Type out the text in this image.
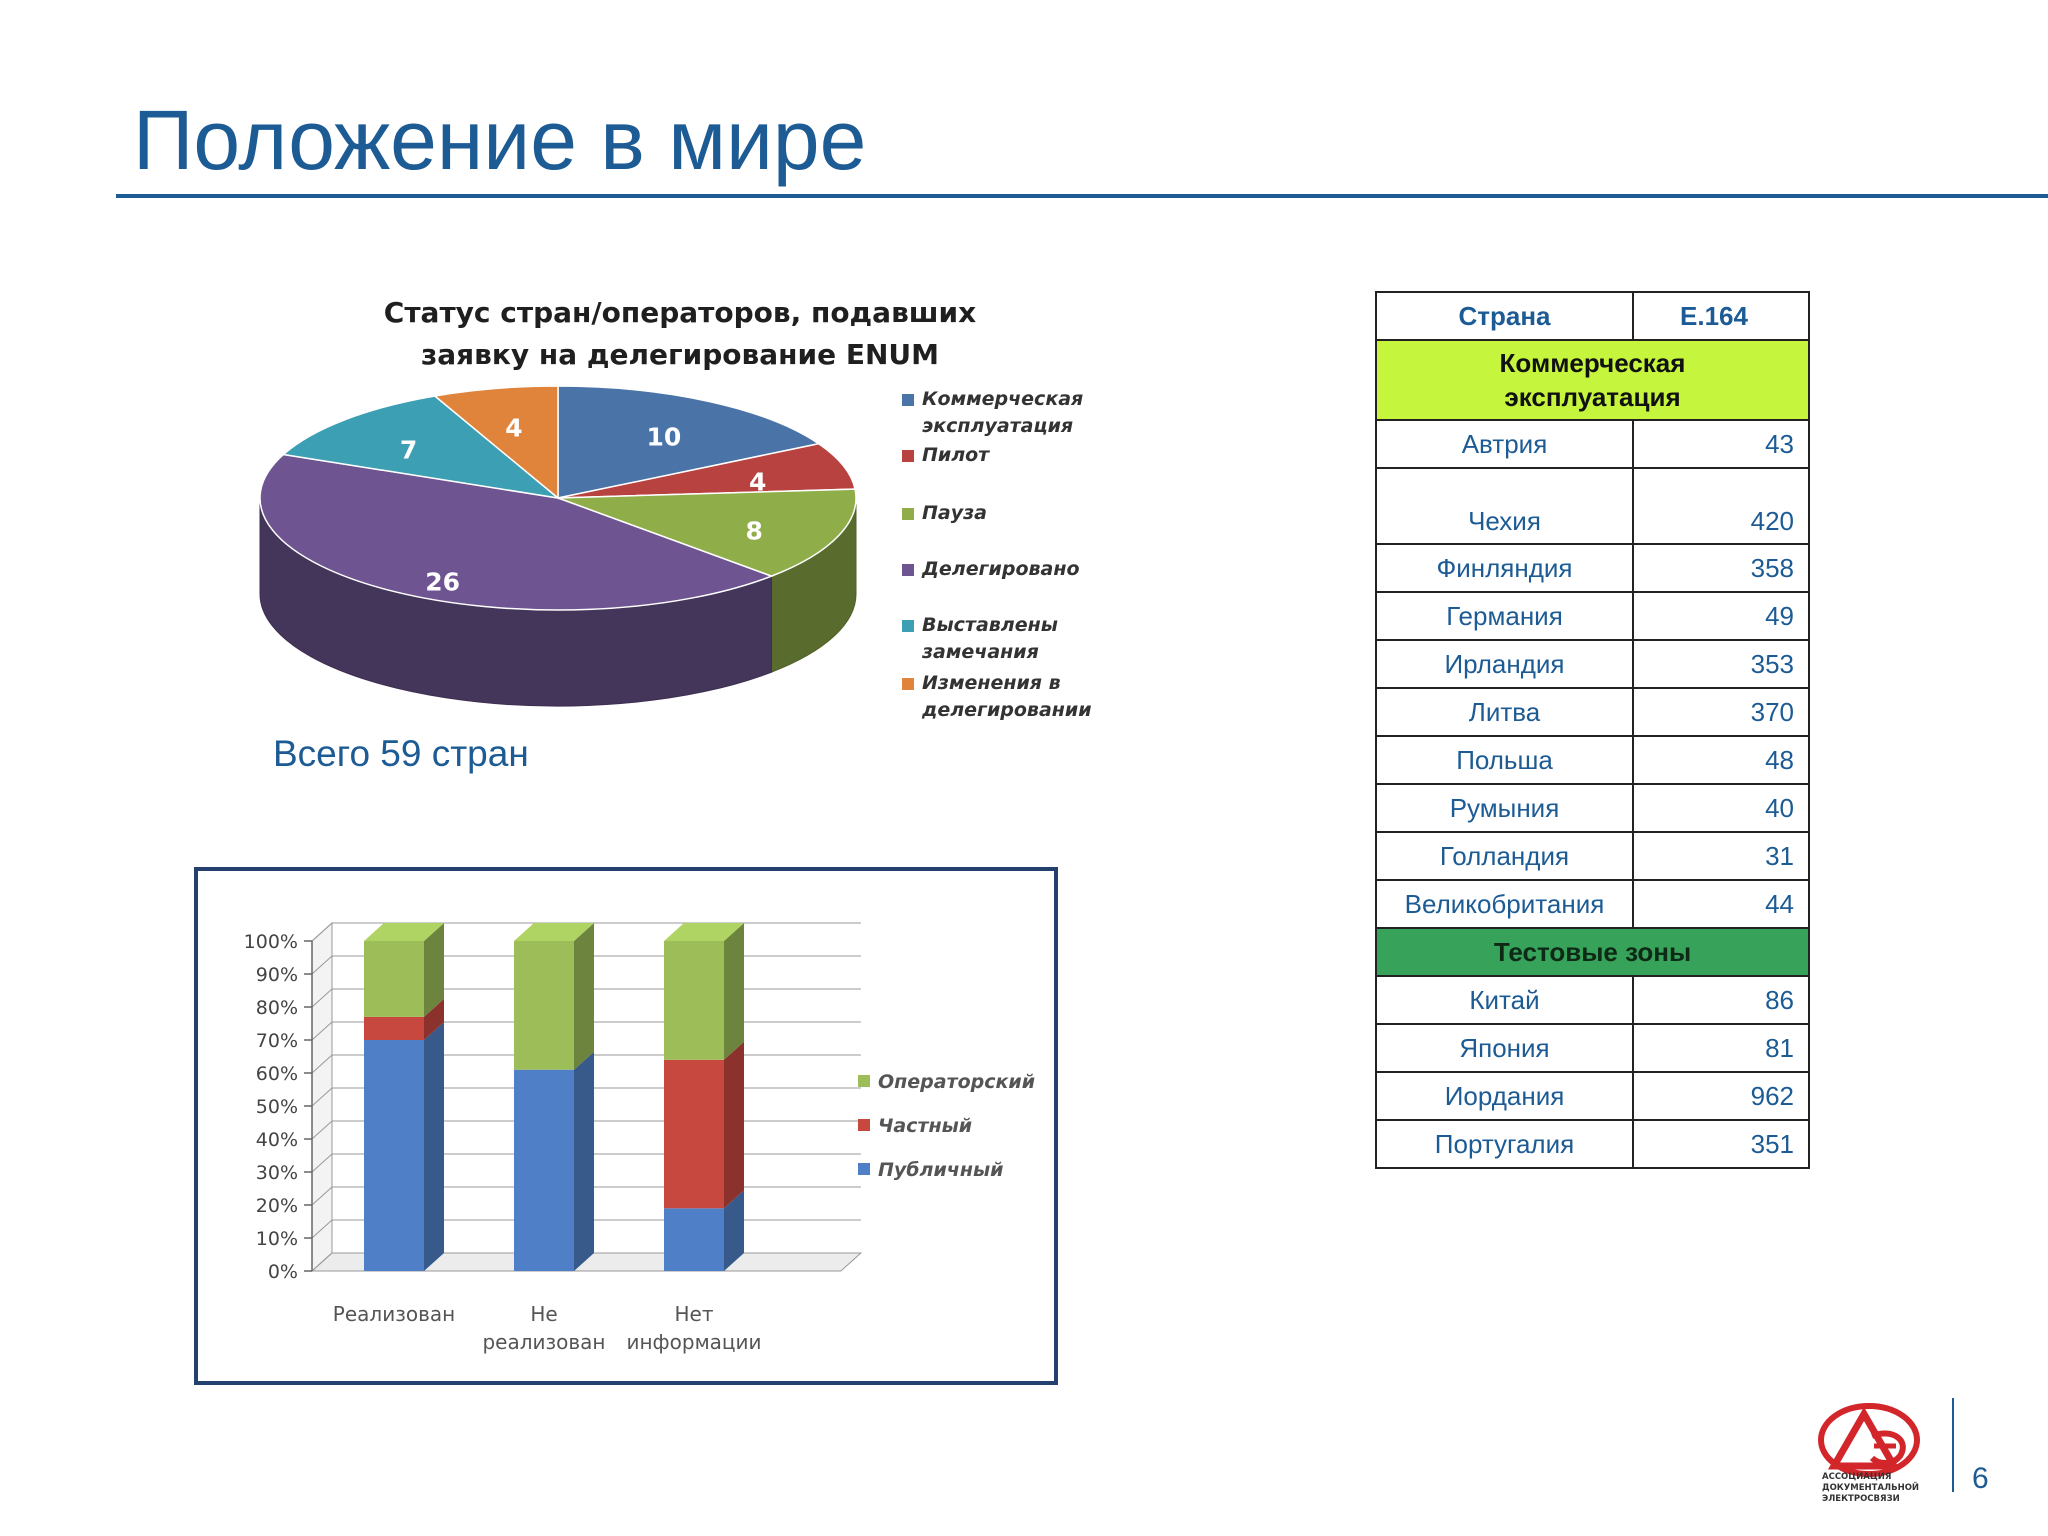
Положение в мире
Статус стран/операторов, подавших
заявку на делегирование ENUM
10
4
8
26
7
4
Коммерческая
эксплуатация
Пилот
Пауза
Делегировано
Выставлены
замечания
Изменения в
делегировании
Всего 59 стран
0%
10%
20%
30%
40%
50%
60%
70%
80%
90%
100%
Реализован	Не
реализован
Нет
информации
Операторский
Частный
Публичный
Страна	E.164

Коммерческая
эксплуатация	

Автрия	43
Чехия	420
Финляндия	358
Германия	49
Ирландия	353
Литва	370
Польша	48
Румыния	40
Голландия	31
Великобритания	44
Тестовые зоны	
Китай	86
Япония	81
Иордания	962
Португалия	351
АССОЦИАЦИЯ ДОКУМЕНТАЛЬНОЙ ЭЛЕКТРОСВЯЗИ
6
